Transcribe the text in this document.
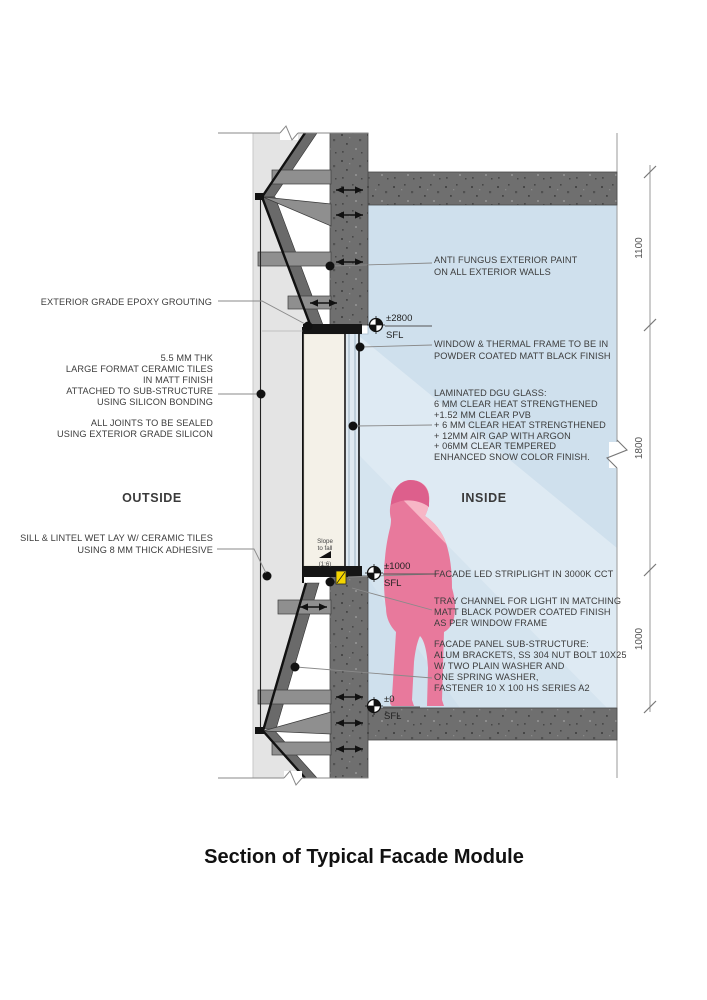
Slope
to fall
(1:6)
±2800
SFL
±1000
SFL
±0
SFL
1100
1800
1000
EXTERIOR GRADE EPOXY GROUTING
5.5 MM THK
LARGE FORMAT CERAMIC TILES
IN MATT FINISH
ATTACHED TO SUB-STRUCTURE
USING SILICON BONDING
ALL JOINTS TO BE SEALED
USING EXTERIOR GRADE SILICON
SILL & LINTEL WET LAY W/ CERAMIC TILES
USING 8 MM THICK ADHESIVE
OUTSIDE	INSIDE
ANTI FUNGUS EXTERIOR PAINT
ON ALL EXTERIOR WALLS
WINDOW & THERMAL FRAME TO BE IN
POWDER COATED MATT BLACK FINISH
LAMINATED DGU GLASS:
6 MM CLEAR HEAT STRENGTHENED
+1.52 MM CLEAR PVB
+ 6 MM CLEAR HEAT STRENGTHENED
+ 12MM AIR GAP WITH ARGON
+ 06MM CLEAR TEMPERED
ENHANCED SNOW COLOR FINISH.
FACADE LED STRIPLIGHT IN 3000K CCT
TRAY CHANNEL FOR LIGHT IN MATCHING
MATT BLACK POWDER COATED FINISH
AS PER WINDOW FRAME
FACADE PANEL SUB-STRUCTURE:
ALUM BRACKETS, SS 304 NUT BOLT 10X25
W/ TWO PLAIN WASHER AND
ONE SPRING WASHER,
FASTENER 10 X 100 HS SERIES A2
Section of Typical Facade Module
